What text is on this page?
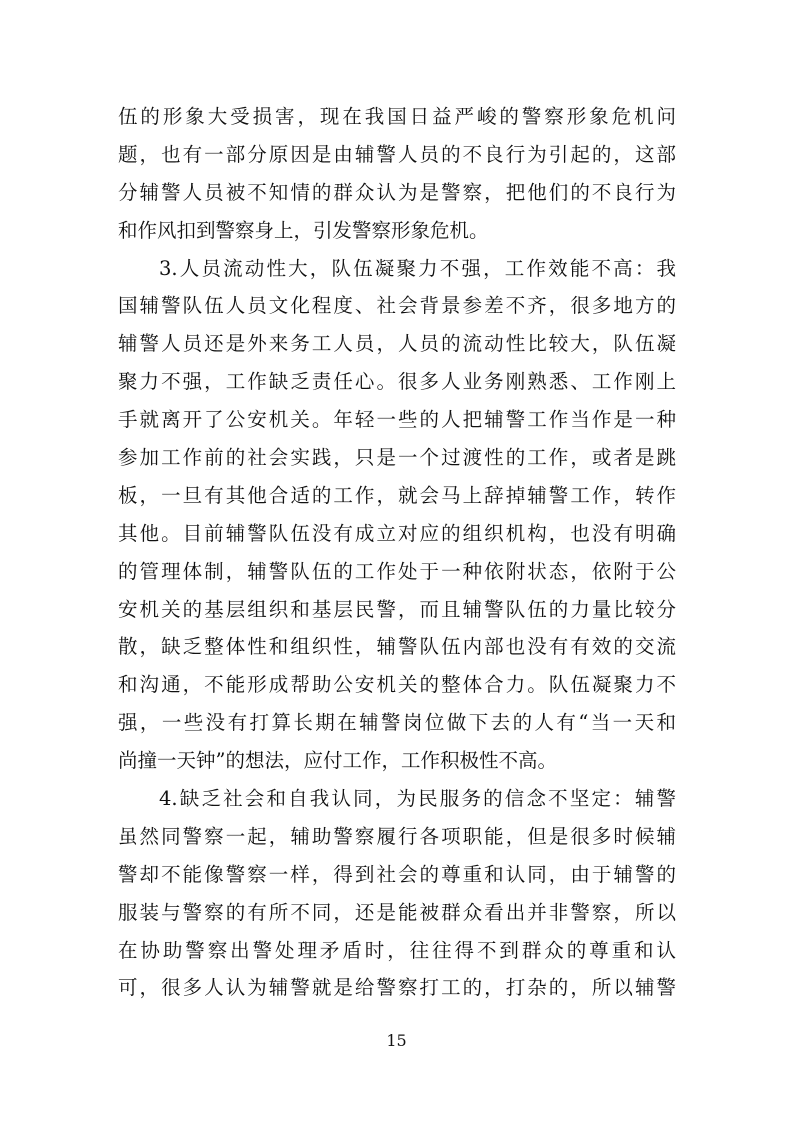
伍的形象大受损害，现在我国日益严峻的警察形象危机问
题，也有一部分原因是由辅警人员的不良行为引起的，这部
分辅警人员被不知情的群众认为是警察，把他们的不良行为
和作风扣到警察身上，引发警察形象危机。
3.人员流动性大，队伍凝聚力不强，工作效能不高：我
国辅警队伍人员文化程度、社会背景参差不齐，很多地方的
辅警人员还是外来务工人员，人员的流动性比较大，队伍凝
聚力不强，工作缺乏责任心。很多人业务刚熟悉、工作刚上
手就离开了公安机关。年轻一些的人把辅警工作当作是一种
参加工作前的社会实践，只是一个过渡性的工作，或者是跳
板，一旦有其他合适的工作，就会马上辞掉辅警工作，转作
其他。目前辅警队伍没有成立对应的组织机构，也没有明确
的管理体制，辅警队伍的工作处于一种依附状态，依附于公
安机关的基层组织和基层民警，而且辅警队伍的力量比较分
散，缺乏整体性和组织性，辅警队伍内部也没有有效的交流
和沟通，不能形成帮助公安机关的整体合力。队伍凝聚力不
强，一些没有打算长期在辅警岗位做下去的人有“当一天和
尚撞一天钟”的想法，应付工作，工作积极性不高。
4.缺乏社会和自我认同，为民服务的信念不坚定：辅警
虽然同警察一起，辅助警察履行各项职能，但是很多时候辅
警却不能像警察一样，得到社会的尊重和认同，由于辅警的
服装与警察的有所不同，还是能被群众看出并非警察，所以
在协助警察出警处理矛盾时，往往得不到群众的尊重和认
可，很多人认为辅警就是给警察打工的，打杂的，所以辅警
15
